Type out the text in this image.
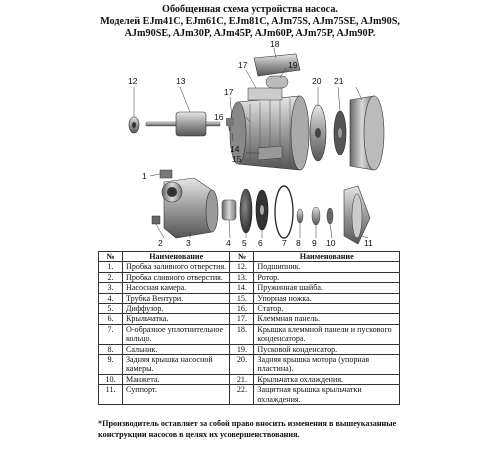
Обобщенная схема устройства насоса.
Моделей EJm41C, EJm61C, EJm81C, AJm75S, AJm75SE, AJm90S,
AJm90SE, AJm30P, AJm45P, AJm60P, AJm75P, AJm90P.
12	13
17
16
14
15
17
18
19
20 21
1
2	3	4 5 6 7 8 9 10	11
№	Наименование	№	Наименование
1.	Пробка заливного отверстия.	12.	Подшипник.
2.	Пробка сливного отверстия.	13.	Ротор.
3.	Насосная камера.	14.	Пружинная шайба.
4.	Трубка Вентури.	15.	Упорная ножка.
5.	Диффузор.	16.	Статор.
6.	Крыльчатка.	17.	Клеммная панель.
7.	О-образное уплотнительное кольцо.	18.	Крышка клеммной панели и пускового конденсатора.
8.	Сальник.	19.	Пусковой конденсатор.
9.	Задняя крышка насосной камеры.	20.	Задняя крышка мотора (упорная пластина).
10.	Манжета.	21.	Крыльчатка охлаждения.
11.	Суппорт.	22.	Защитная крышка крыльчатки охлаждения.
*Производитель оставляет за собой право вносить изменения в вышеуказанные
конструкции насосов в целях их усовершенствования.
